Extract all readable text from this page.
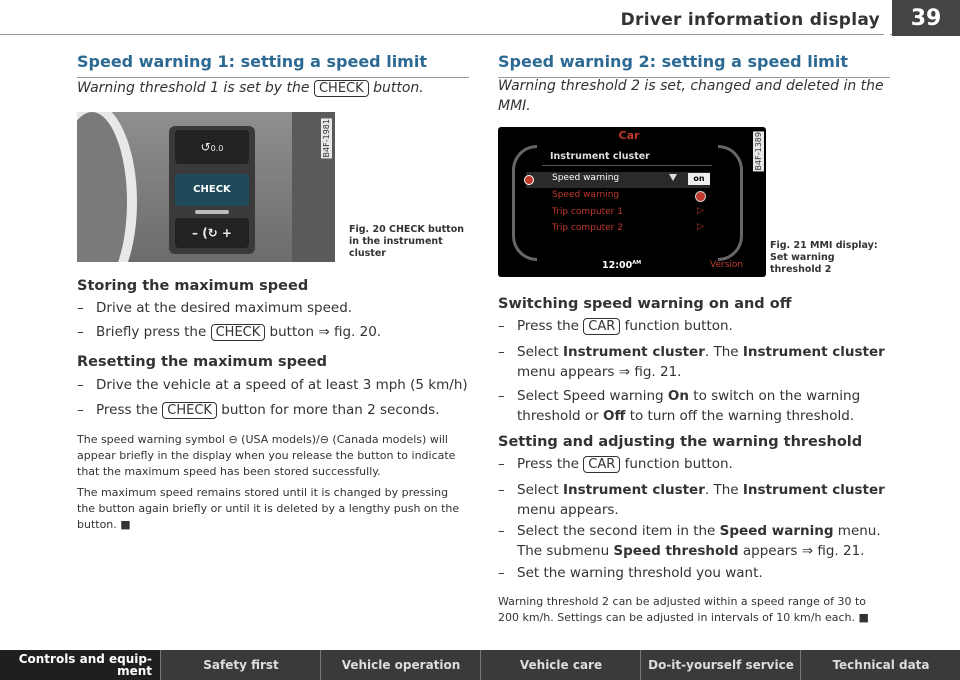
Driver information display 39
Speed warning 1: setting a speed limit
Warning threshold 1 is set by the CHECK button.
↺0.0
CHECK
– (↻ +
B4F-1981
Fig. 20 CHECK button in the instrument cluster
Storing the maximum speed
– Drive at the desired maximum speed.
– Briefly press the CHECK button ⇒ fig. 20.
Resetting the maximum speed
– Drive the vehicle at a speed of at least 3 mph (5 km/h)
– Press the CHECK button for more than 2 seconds.
The speed warning symbol ⊖ (USA models)/⊖ (Canada models) will appear briefly in the display when you release the button to indicate that the maximum speed has been stored successfully.
The maximum speed remains stored until it is changed by pressing the button again briefly or until it is deleted by a lengthy push on the button. ■
Speed warning 2: setting a speed limit
Warning threshold 2 is set, changed and deleted in the MMI.
Car
Instrument cluster
Speed warning	on
Speed warning
Trip computer 1	▷
Trip computer 2	▷
$12:00^{AM}$	Version
B4F-1389
Fig. 21 MMI display: Set warning threshold 2
Switching speed warning on and off
– Press the CAR function button.
– Select Instrument cluster. The Instrument cluster menu appears ⇒ fig. 21.
– Select Speed warning On to switch on the warning threshold or Off to turn off the warning threshold.
Setting and adjusting the warning threshold
– Press the CAR function button.
– Select Instrument cluster. The Instrument cluster menu appears.
– Select the second item in the Speed warning menu. The submenu Speed threshold appears ⇒ fig. 21.
– Set the warning threshold you want.
Warning threshold 2 can be adjusted within a speed range of 30 to 200 km/h. Settings can be adjusted in intervals of 10 km/h each. ■
Controls and equip-ment	Safety first	Vehicle operation	Vehicle care	Do-it-yourself service	Technical data
